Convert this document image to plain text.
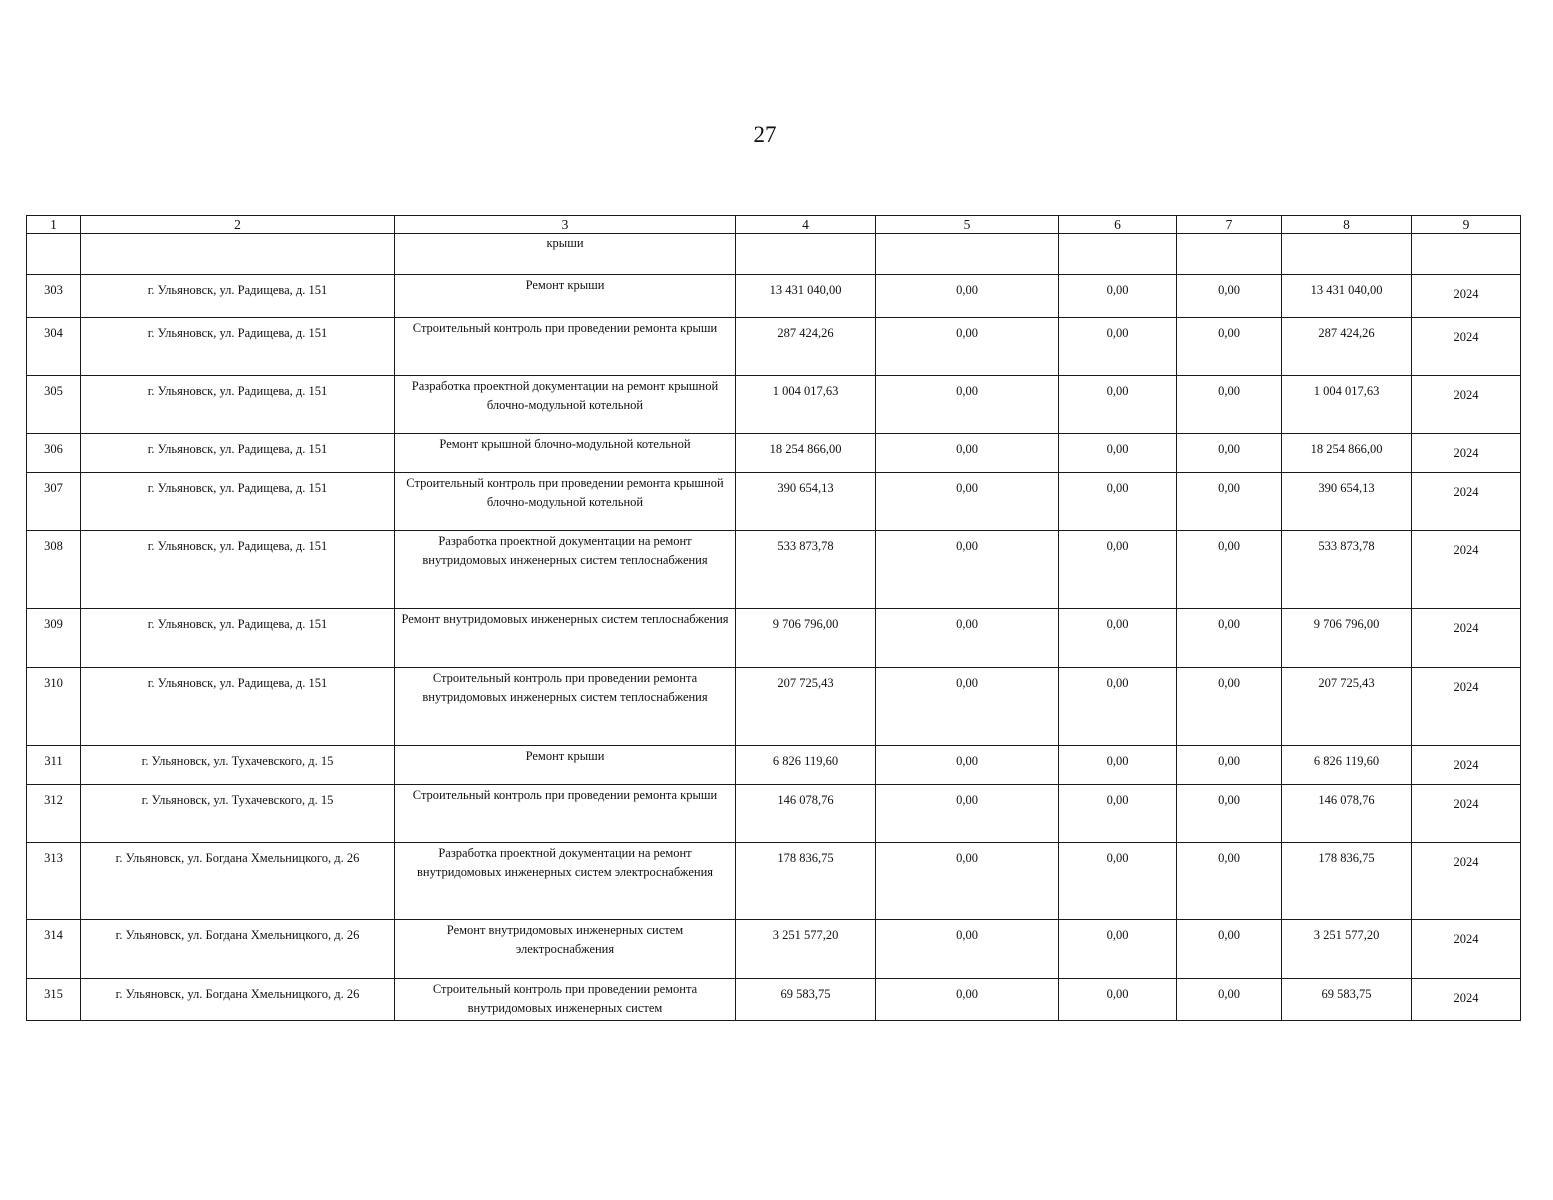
27
1	2	3	4	5	6	7	8	9
		крыши						
303	г. Ульяновск, ул. Радищева, д. 151	Ремонт крыши	13 431 040,00	0,00	0,00	0,00	13 431 040,00	2024
304	г. Ульяновск, ул. Радищева, д. 151	Строительный контроль при проведении ремонта крыши	287 424,26	0,00	0,00	0,00	287 424,26	2024
305	г. Ульяновск, ул. Радищева, д. 151	Разработка проектной документации на ремонт крышной блочно-модульной котельной	1 004 017,63	0,00	0,00	0,00	1 004 017,63	2024
306	г. Ульяновск, ул. Радищева, д. 151	Ремонт крышной блочно-модульной котельной	18 254 866,00	0,00	0,00	0,00	18 254 866,00	2024
307	г. Ульяновск, ул. Радищева, д. 151	Строительный контроль при проведении ремонта крышной блочно-модульной котельной	390 654,13	0,00	0,00	0,00	390 654,13	2024
308	г. Ульяновск, ул. Радищева, д. 151	Разработка проектной документации на ремонт внутридомовых инженерных систем теплоснабжения	533 873,78	0,00	0,00	0,00	533 873,78	2024
309	г. Ульяновск, ул. Радищева, д. 151	Ремонт внутридомовых инженерных систем теплоснабжения	9 706 796,00	0,00	0,00	0,00	9 706 796,00	2024
310	г. Ульяновск, ул. Радищева, д. 151	Строительный контроль при проведении ремонта внутридомовых инженерных систем теплоснабжения	207 725,43	0,00	0,00	0,00	207 725,43	2024
311	г. Ульяновск, ул. Тухачевского, д. 15	Ремонт крыши	6 826 119,60	0,00	0,00	0,00	6 826 119,60	2024
312	г. Ульяновск, ул. Тухачевского, д. 15	Строительный контроль при проведении ремонта крыши	146 078,76	0,00	0,00	0,00	146 078,76	2024
313	г. Ульяновск, ул. Богдана Хмельницкого, д. 26	Разработка проектной документации на ремонт внутридомовых инженерных систем электроснабжения	178 836,75	0,00	0,00	0,00	178 836,75	2024
314	г. Ульяновск, ул. Богдана Хмельницкого, д. 26	Ремонт внутридомовых инженерных систем электроснабжения	3 251 577,20	0,00	0,00	0,00	3 251 577,20	2024
315	г. Ульяновск, ул. Богдана Хмельницкого, д. 26	Строительный контроль при проведении ремонта внутридомовых инженерных систем	69 583,75	0,00	0,00	0,00	69 583,75	2024
